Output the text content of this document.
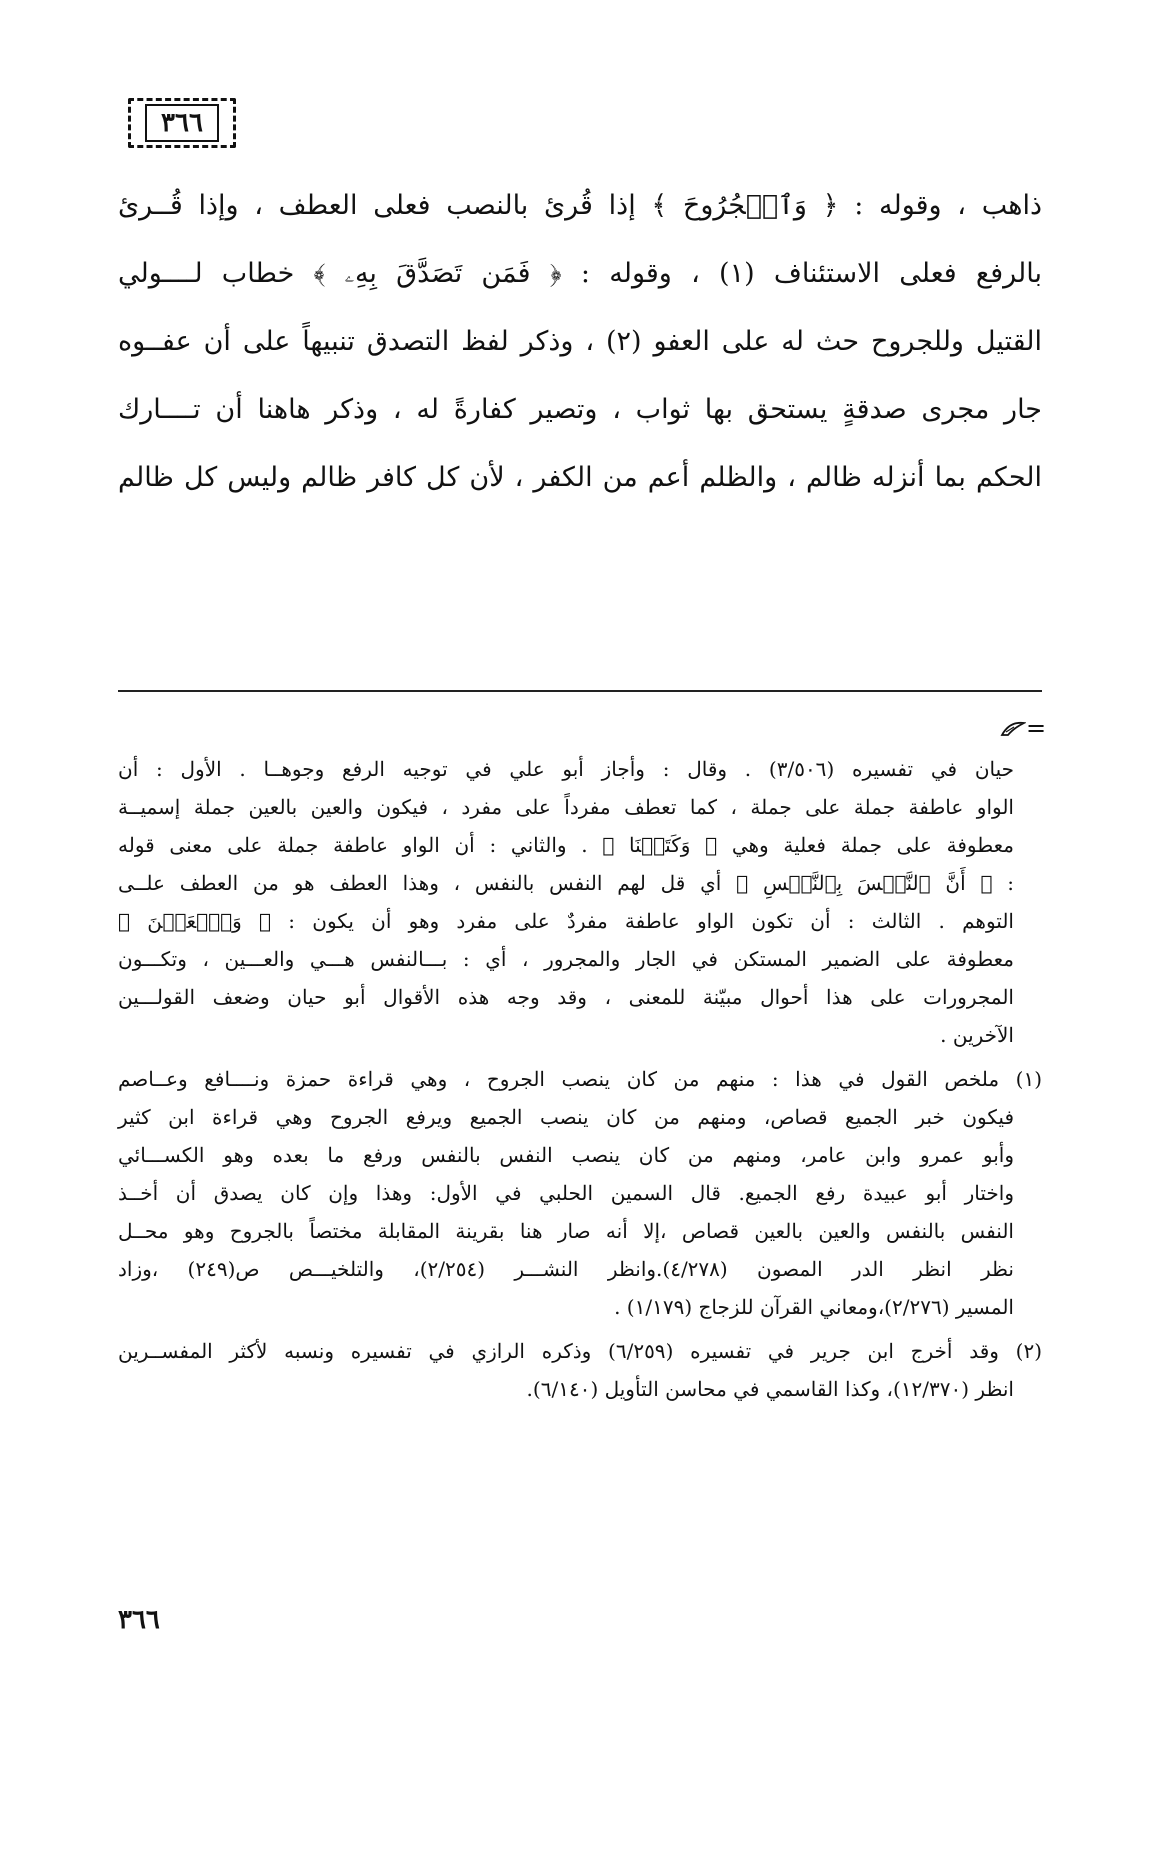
٣٦٦
ذاهب ، وقوله : ﴿ وَٱلۡجُرُوحَ ﴾ إذا قُرئ بالنصب فعلى العطف ، وإذا قُــرئ
بالرفع فعلى الاستئناف (١) ، وقوله : ﴿ فَمَن تَصَدَّقَ بِهِۦ ﴾ خطاب لــــولي
القتيل وللجروح حث له على العفو (٢) ، وذكر لفظ التصدق تنبيهاً على أن عفــوه
جار مجرى صدقةٍ يستحق بها ثواب ، وتصير كفارةً له ، وذكر هاهنا أن تــــارك
الحكم بما أنزله ظالم ، والظلم أعم من الكفر ، لأن كل كافر ظالم وليس كل ظالم
=
حيان في تفسيره (٣/٥٠٦) . وقال : وأجاز أبو علي في توجيه الرفع وجوهــا . الأول : أن
الواو عاطفة جملة على جملة ، كما تعطف مفرداً على مفرد ، فيكون والعين بالعين جملة إسميــة
معطوفة على جملة فعلية وهي ﴿ وَكَتَبۡنَا ﴾ . والثاني : أن الواو عاطفة جملة على معنى قوله
: ﴿ أَنَّ ٱلنَّفۡسَ بِٱلنَّفۡسِ ﴾ أي قل لهم النفس بالنفس ، وهذا العطف هو من العطف علــى
التوهم . الثالث : أن تكون الواو عاطفة مفردٌ على مفرد وهو أن يكون : ﴿ وَٱلۡعَيۡنَ ﴾
معطوفة على الضمير المستكن في الجار والمجرور ، أي : بـــالنفس هـــي والعـــين ، وتكـــون
المجرورات على هذا أحوال مبيّنة للمعنى ، وقد وجه هذه الأقوال أبو حيان وضعف القولـــين
الآخرين .
(١) ملخص القول في هذا : منهم من كان ينصب الجروح ، وهي قراءة حمزة ونــــافع وعــاصم
فيكون خبر الجميع قصاص، ومنهم من كان ينصب الجميع ويرفع الجروح وهي قراءة ابن كثير
وأبو عمرو وابن عامر، ومنهم من كان ينصب النفس بالنفس ورفع ما بعده وهو الكســـائي
واختار أبو عبيدة رفع الجميع. قال السمين الحلبي في الأول: وهذا وإن كان يصدق أن أخــذ
النفس بالنفس والعين بالعين قصاص ،إلا أنه صار هنا بقرينة المقابلة مختصاً بالجروح وهو محــل
نظر انظر الدر المصون (٤/٢٧٨).وانظر النشـــر (٢/٢٥٤)، والتلخيـــص ص(٢٤٩) ،وزاد
المسير (٢/٢٧٦)،ومعاني القرآن للزجاج (١/١٧٩) .
(٢) وقد أخرج ابن جرير في تفسيره (٦/٢٥٩) وذكره الرازي في تفسيره ونسبه لأكثر المفســرين
انظر (١٢/٣٧٠)، وكذا القاسمي في محاسن التأويل (٦/١٤٠).
٣٦٦
